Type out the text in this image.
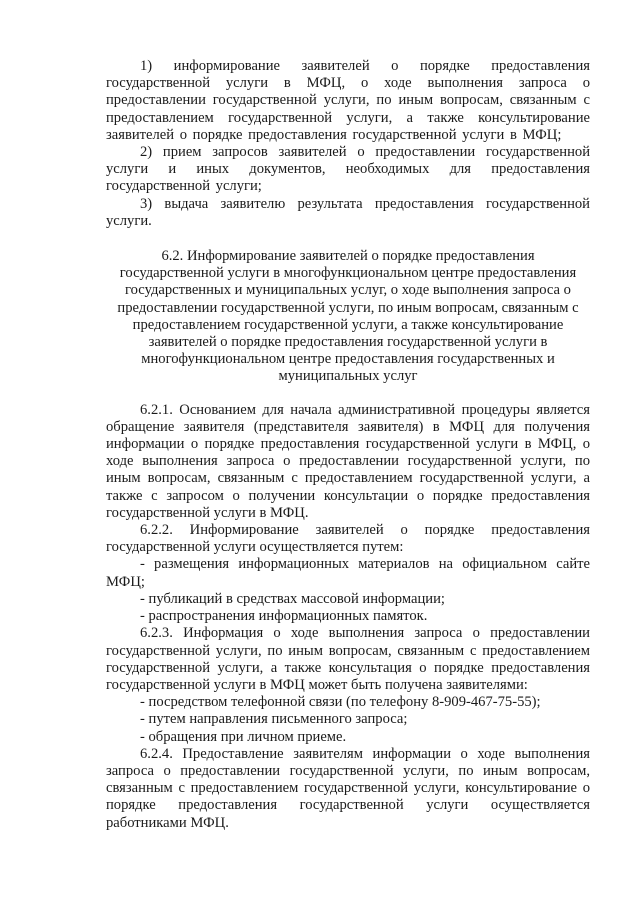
1) информирование заявителей о порядке предоставления государственной услуги в МФЦ, о ходе выполнения запроса о предоставлении государственной услуги, по иным вопросам, связанным с предоставлением государственной услуги, а также консультирование заявителей о порядке предоставления государственной услуги в МФЦ;

2) прием запросов заявителей о предоставлении государственной услуги и иных документов, необходимых для предоставления государственной услуги;

3) выдача заявителю результата предоставления государственной услуги.

6.2. Информирование заявителей о порядке предоставления государственной услуги в многофункциональном центре предоставления государственных и муниципальных услуг, о ходе выполнения запроса о предоставлении государственной услуги, по иным вопросам, связанным с предоставлением государственной услуги, а также консультирование заявителей о порядке предоставления государственной услуги в многофункциональном центре предоставления государственных и муниципальных услуг

6.2.1. Основанием для начала административной процедуры является обращение заявителя (представителя заявителя) в МФЦ для получения информации о порядке предоставления государственной услуги в МФЦ, о ходе выполнения запроса о предоставлении государственной услуги, по иным вопросам, связанным с предоставлением государственной услуги, а также с запросом о получении консультации о порядке предоставления государственной услуги в МФЦ.

6.2.2. Информирование заявителей о порядке предоставления государственной услуги осуществляется путем:

- размещения информационных материалов на официальном сайте МФЦ;

- публикаций в средствах массовой информации;

- распространения информационных памяток.

6.2.3. Информация о ходе выполнения запроса о предоставлении государственной услуги, по иным вопросам, связанным с предоставлением государственной услуги, а также консультация о порядке предоставления государственной услуги в МФЦ может быть получена заявителями:

- посредством телефонной связи (по телефону 8-909-467-75-55);

- путем направления письменного запроса;

- обращения при личном приеме.

6.2.4. Предоставление заявителям информации о ходе выполнения запроса о предоставлении государственной услуги, по иным вопросам, связанным с предоставлением государственной услуги, консультирование о порядке предоставления государственной услуги осуществляется работниками МФЦ.
